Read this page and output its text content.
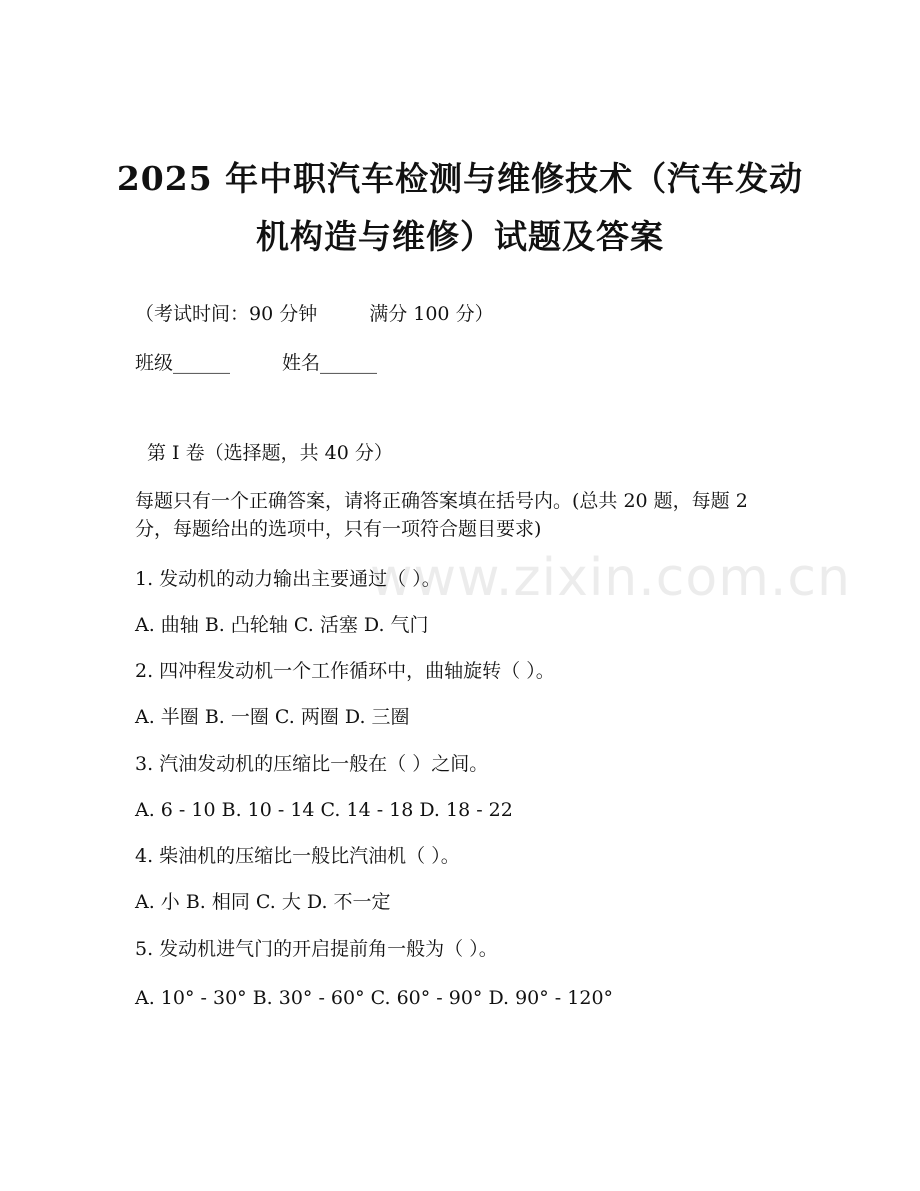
2025 年中职汽车检测与维修技术（汽车发动
机构造与维修）试题及答案
（考试时间：90 分钟	满分 100 分）
班级______	姓名______
第 I 卷（选择题，共 40 分）
每题只有一个正确答案，请将正确答案填在括号内。(总共 20 题，每题 2 分，每题给出的选项中，只有一项符合题目要求)
www.zixin.com.cn
1. 发动机的动力输出主要通过（ ）。
A. 曲轴 B. 凸轮轴 C. 活塞 D. 气门
2. 四冲程发动机一个工作循环中，曲轴旋转（ ）。
A. 半圈 B. 一圈 C. 两圈 D. 三圈
3. 汽油发动机的压缩比一般在（ ）之间。
A. 6 - 10 B. 10 - 14 C. 14 - 18 D. 18 - 22
4. 柴油机的压缩比一般比汽油机（ ）。
A. 小 B. 相同 C. 大 D. 不一定
5. 发动机进气门的开启提前角一般为（ ）。
A. 10° - 30° B. 30° - 60° C. 60° - 90° D. 90° - 120°
